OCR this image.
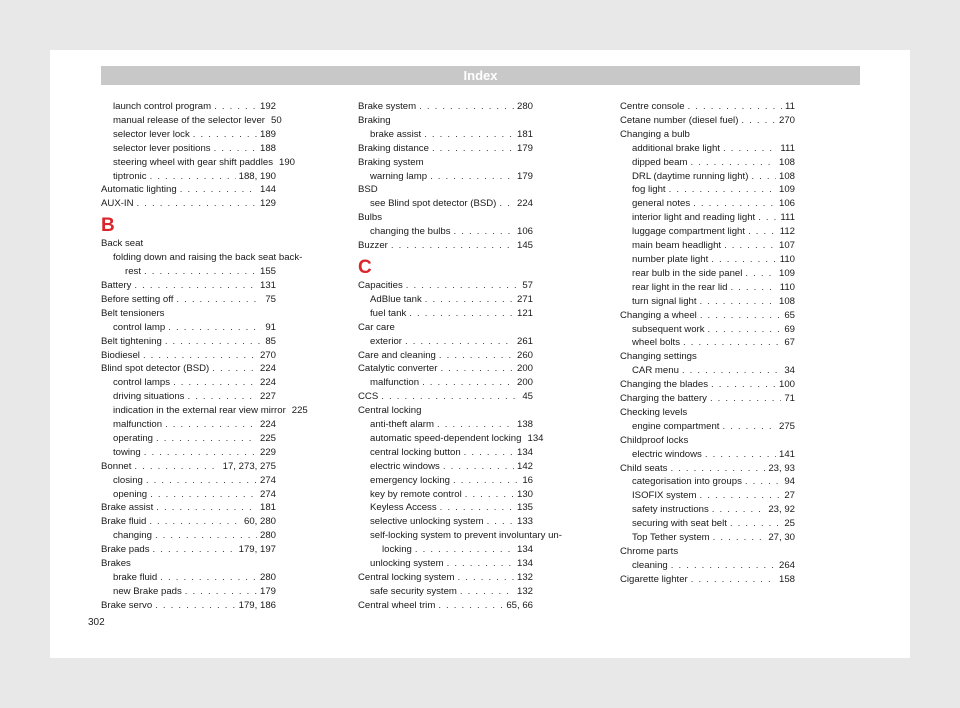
Index
launch control program . . .	192
manual release of the selector lever 50
selector lever lock . . .	189
selector lever positions . . .	188
steering wheel with gear shift paddles 190
tiptronic . . .	188, 190
Automatic lighting . . .	144
AUX-IN . . .	129
B
Back seat
folding down and raising the back seat back-
rest . . .	155
Battery . . .	131
Before setting off . . .	75
Belt tensioners
control lamp . . .	91
Belt tightening . . .	85
Biodiesel . . .	270
Blind spot detector (BSD) . . .	224
control lamps . . .	224
driving situations . . .	227
indication in the external rear view mirror 225
malfunction . . .	224
operating . . .	225
towing . . .	229
Bonnet . . .	17, 273, 275
closing . . .	274
opening . . .	274
Brake assist . . .	181
Brake fluid . . .	60, 280
changing . . .	280
Brake pads . . .	179, 197
Brakes
brake fluid . . .	280
new Brake pads . . .	179
Brake servo . . .	179, 186
Brake system . . .	280
Braking
brake assist . . .	181
Braking distance . . .	179
Braking system
warning lamp . . .	179
BSD
see Blind spot detector (BSD) . . . 224
Bulbs
changing the bulbs . . .	106
Buzzer . . .	145
C
Capacities . . .	57
AdBlue tank . . .	271
fuel tank . . .	121
Car care
exterior . . .	261
Care and cleaning . . .	260
Catalytic converter . . .	200
malfunction . . .	200
CCS . . .	45
Central locking
anti-theft alarm . . .	138
automatic speed-dependent locking 134
central locking button . . .	134
electric windows . . .	142
emergency locking . . .	16
key by remote control . . .	130
Keyless Access . . .	135
selective unlocking system . . .	133
self-locking system to prevent involuntary un-
locking . . .	134
unlocking system . . .	134
Central locking system . . .	132
safe security system . . .	132
Central wheel trim . . .	65, 66
Centre console . . .	11
Cetane number (diesel fuel) . . .	270
Changing a bulb
additional brake light . . .	111
dipped beam . . .	108
DRL (daytime running light) . . .	108
fog light . . .	109
general notes . . .	106
interior light and reading light . . .	111
luggage compartment light . . .	112
main beam headlight . . .	107
number plate light . . .	110
rear bulb in the side panel . . .	109
rear light in the rear lid . . .	110
turn signal light . . .	108
Changing a wheel . . .	65
subsequent work . . .	69
wheel bolts . . .	67
Changing settings
CAR menu . . .	34
Changing the blades . . .	100
Charging the battery . . .	71
Checking levels
engine compartment . . .	275
Childproof locks
electric windows . . .	141
Child seats . . .	23, 93
categorisation into groups . . .	94
ISOFIX system . . .	27
safety instructions . . .	23, 92
securing with seat belt . . .	25
Top Tether system . . .	27, 30
Chrome parts
cleaning . . .	264
Cigarette lighter . . .	158
302
